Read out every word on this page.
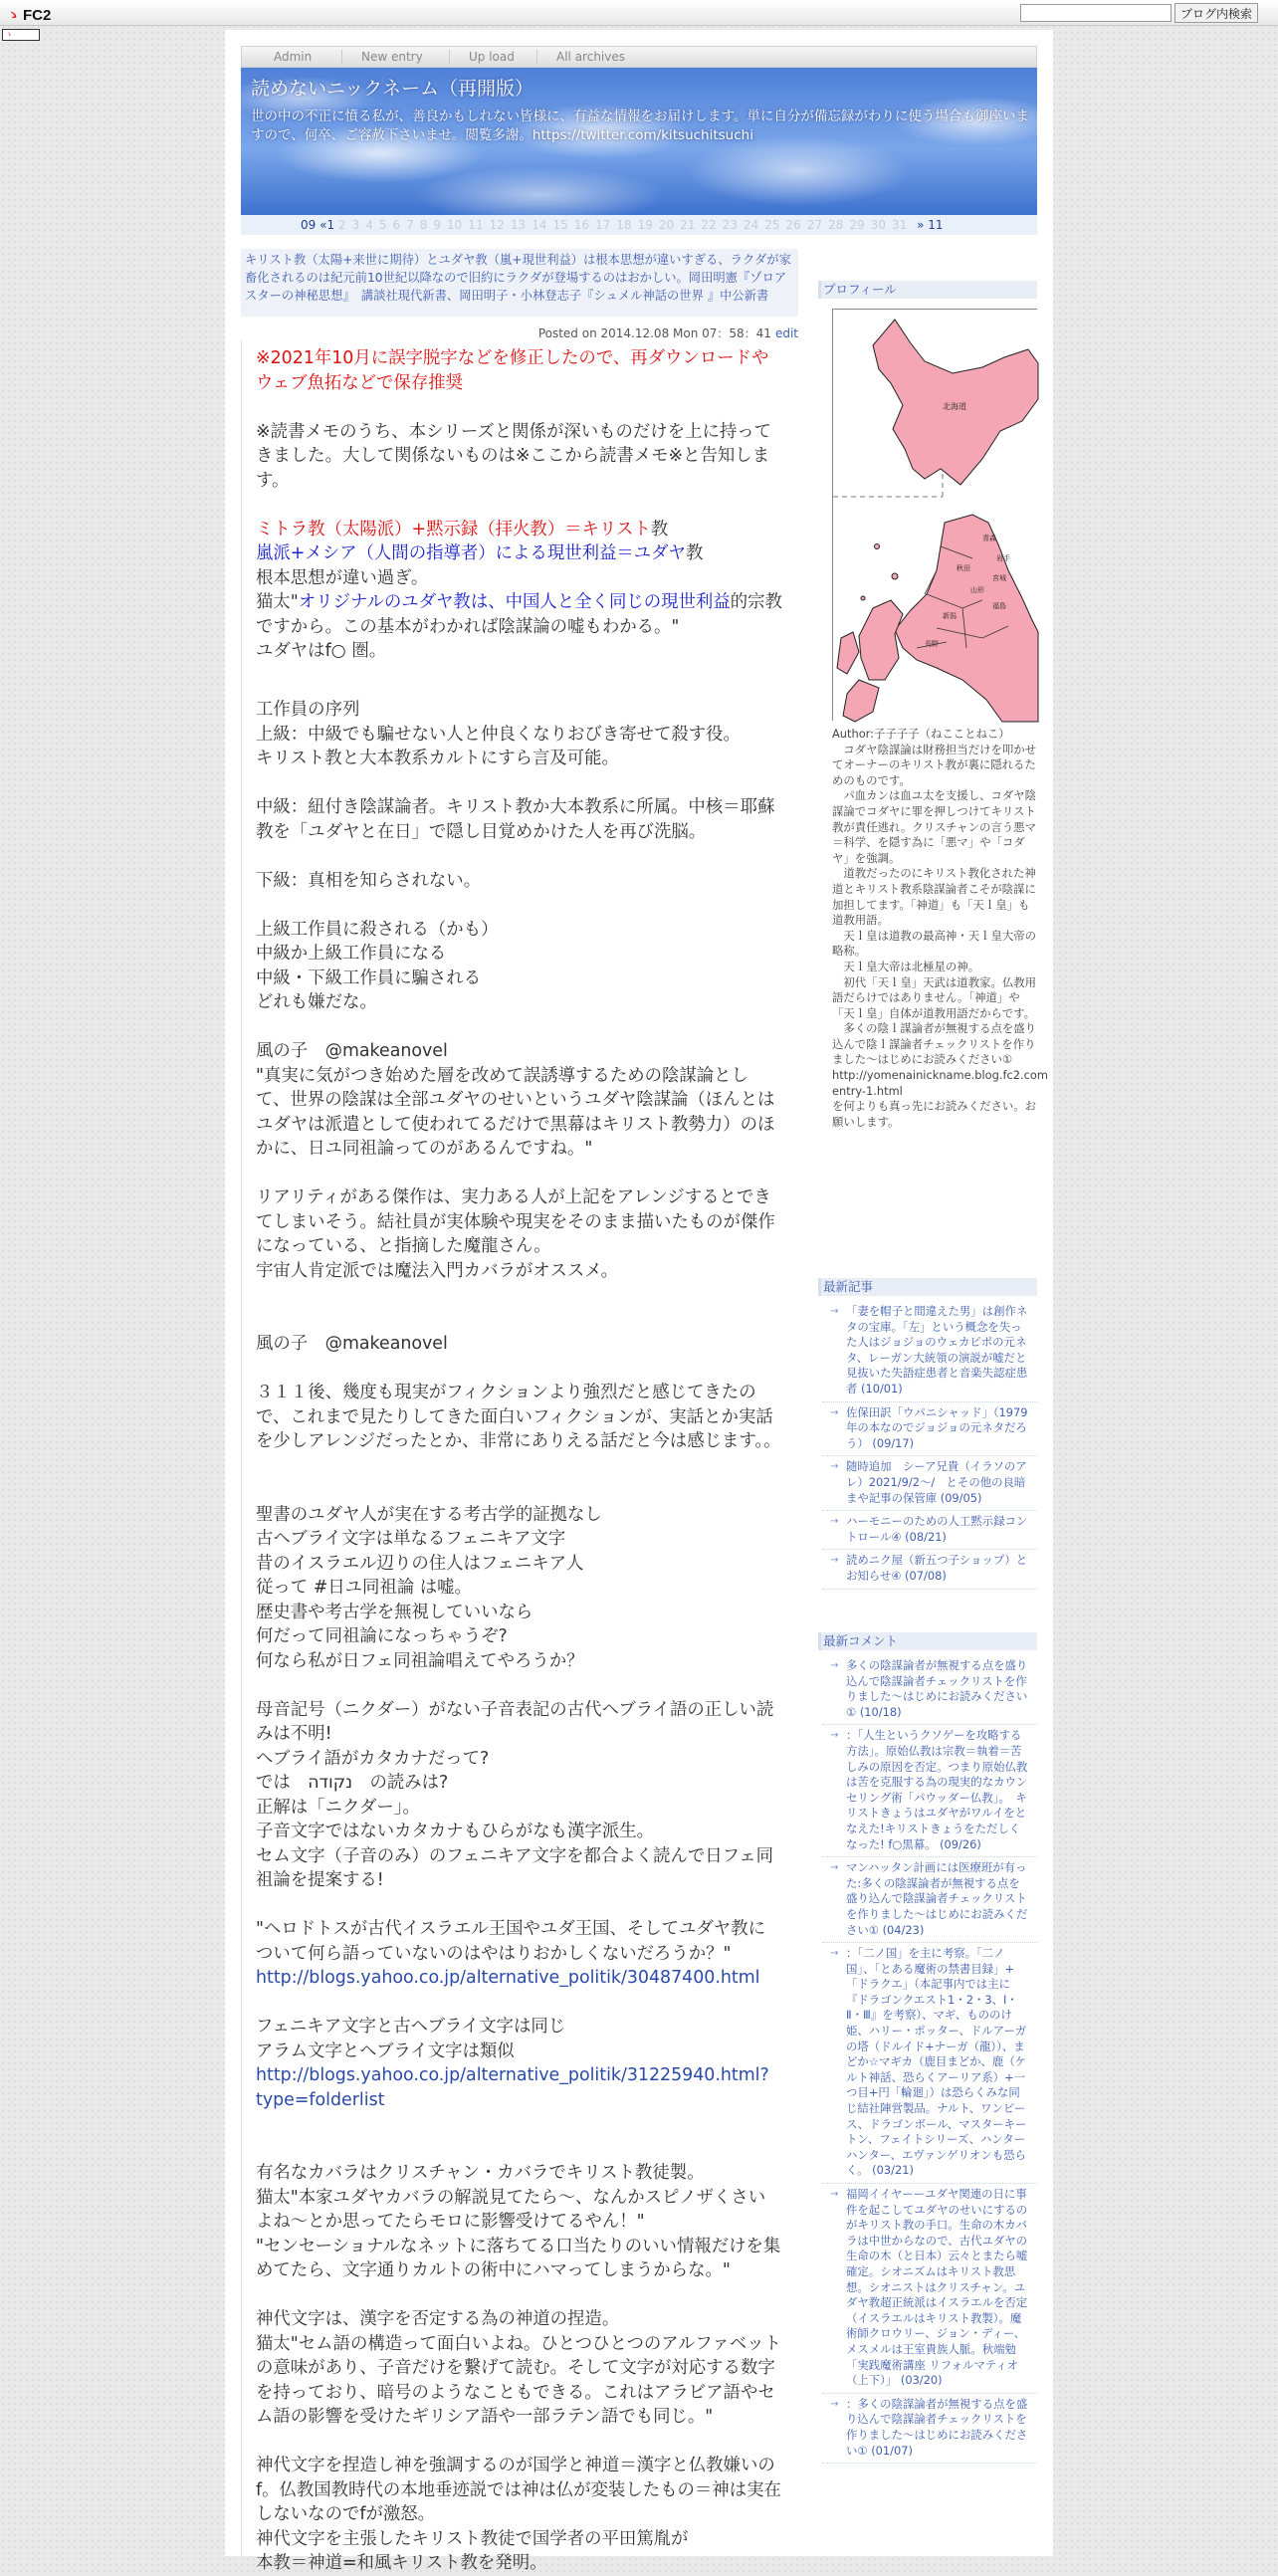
ゝ FC2	ブログ内検索
ゝ
Admin	New entry	Up load	All archives
読めないニックネーム（再開版）
世の中の不正に憤る私が、善良かもしれない皆様に、有益な情報をお届けします。単に自分が備忘録がわりに使う場合も御座いますので、何卒、ご容赦下さいませ。閲覧多謝。https://twitter.com/kitsuchitsuchi
09 «1 2 3 4 5 6 7 8 9 10 11 12 13 14 15 16 17 18 19 20 21 22 23 24 25 26 27 28 29 30 31 » 11
キリスト教（太陽+来世に期待）とユダヤ教（嵐+現世利益）は根本思想が違いすぎる、ラクダが家畜化されるのは紀元前10世紀以降なので旧約にラクダが登場するのはおかしい。岡田明憲『ゾロアスターの神秘思想』　講談社現代新書、岡田明子・小林登志子『シュメル神話の世界 』中公新書
Posted on 2014.12.08 Mon 07：58：41 edit

※2021年10月に誤字脱字などを修正したので、再ダウンロードやウェブ魚拓などで保存推奨

※読書メモのうち、本シリーズと関係が深いものだけを上に持ってきました。大して関係ないものは※ここから読書メモ※と告知します。

ミトラ教（太陽派）+黙示録（拝火教）＝キリスト教
嵐派+メシア（人間の指導者）による現世利益＝ユダヤ教
根本思想が違い過ぎ。
猫太"オリジナルのユダヤ教は、中国人と全く同じの現世利益的宗教ですから。この基本がわかれば陰謀論の嘘もわかる。"
ユダヤはf○ 圏。

工作員の序列
上級：中級でも騙せない人と仲良くなりおびき寄せて殺す役。
キリスト教と大本教系カルトにすら言及可能。

中級：紐付き陰謀論者。キリスト教か大本教系に所属。中核＝耶蘇教を「ユダヤと在日」で隠し目覚めかけた人を再び洗脳。

下級：真相を知らされない。

上級工作員に殺される（かも）
中級か上級工作員になる
中級・下級工作員に騙される
どれも嫌だな。

風の子　@makeanovel
"真実に気がつき始めた層を改めて誤誘導するための陰謀論として、世界の陰謀は全部ユダヤのせいというユダヤ陰謀論（ほんとはユダヤは派遣として使われてるだけで黒幕はキリスト教勢力）のほかに、日ユ同祖論ってのがあるんですね。"

リアリティがある傑作は、実力ある人が上記をアレンジするとできてしまいそう。結社員が実体験や現実をそのまま描いたものが傑作になっている、と指摘した魔龍さん。
宇宙人肯定派では魔法入門カバラがオススメ。

風の子　@makeanovel

３１１後、幾度も現実がフィクションより強烈だと感じてきたので、これまで見たりしてきた面白いフィクションが、実話とか実話を少しアレンジだったとか、非常にありえる話だと今は感じます。。

聖書のユダヤ人が実在する考古学的証拠なし
古ヘブライ文字は単なるフェニキア文字
昔のイスラエル辺りの住人はフェニキア人
従って #日ユ同祖論 は嘘。
歴史書や考古学を無視していいなら
何だって同祖論になっちゃうぞ?
何なら私が日フェ同祖論唱えてやろうか？

母音記号（ニクダー）がない子音表記の古代ヘブライ語の正しい読みは不明!
ヘブライ語がカタカナだって?
では　נקודה　の読みは?
正解は「ニクダー」。
子音文字ではないカタカナもひらがなも漢字派生。
セム文字（子音のみ）のフェニキア文字を都合よく読んで日フェ同祖論を提案する!

"ヘロドトスが古代イスラエル王国やユダ王国、そしてユダヤ教について何ら語っていないのはやはりおかしくないだろうか？"
http://blogs.yahoo.co.jp/alternative_politik/30487400.html

フェニキア文字と古ヘブライ文字は同じ
アラム文字とヘブライ文字は類似
http://blogs.yahoo.co.jp/alternative_politik/31225940.html?type=folderlist

有名なカバラはクリスチャン・カバラでキリスト教徒製。
猫太"本家ユダヤカバラの解説見てたら〜、なんかスピノザくさいよね〜とか思ってたらモロに影響受けてるやん！"
"センセーショナルなネットに落ちてる口当たりのいい情報だけを集めてたら、文字通りカルトの術中にハマってしまうからな。"

神代文字は、漢字を否定する為の神道の捏造。
猫太"セム語の構造って面白いよね。ひとつひとつのアルファベットの意味があり、子音だけを繋げて読む。そして文字が対応する数字を持っており、暗号のようなこともできる。これはアラビア語やセム語の影響を受けたギリシア語や一部ラテン語でも同じ。"

神代文字を捏造し神を強調するのが国学と神道＝漢字と仏教嫌いのf。仏教国教時代の本地垂迹説では神は仏が変装したもの＝神は実在しないなのでfが激怒。
神代文字を主張したキリスト教徒で国学者の平田篤胤が
本教＝神道=和風キリスト教を発明。

プロフィール
北海道
青森
秋田
宮城
岩手
山形
福島
新潟
長野
Author:子子子子（ねこことねこ）
　コダヤ陰謀論は財務担当だけを叩かせてオーナーのキリスト教が裏に隠れるためのものです。
　パ血カンは血ユ太を支援し、コダヤ陰謀論でコダヤに罪を押しつけてキリスト教が責任逃れ。クリスチャンの言う悪マ＝科学、を隠す為に「悪マ」や「コダヤ」を強調。
　道教だったのにキリスト教化された神道とキリスト教系陰謀論者こそが陰謀に加担してます。「神道」も「天ｌ皇」も道教用語。
　天ｌ皇は道教の最高神・天ｌ皇大帝の略称。
　天ｌ皇大帝は北極星の神。
　初代「天ｌ皇」天武は道教家。仏教用語だらけではありません。「神道」や「天ｌ皇」自体が道教用語だからです。
　多くの陰ｌ謀論者が無視する点を盛り込んで陰ｌ謀論者チェックリストを作りました〜はじめにお読みください①
http://yomenainickname.blog.fc2.com
entry-1.html
を何よりも真っ先にお読みください。お願いします。
最新記事
→ 「妻を帽子と間違えた男」は創作ネタの宝庫。「左」という概念を失った人はジョジョのウェカピポの元ネタ、レーガン大統領の演説が嘘だと見抜いた失語症患者と音楽失認症患者 (10/01)
→ 佐保田訳「ウパニシャッド」（1979年の本なのでジョジョの元ネタだろう） (09/17)
→ 随時追加　シーア兄貴（イラソのアレ）2021/9/2〜/　とその他の良暗まや記事の保管庫 (09/05)
→ ハーモニーのための人工黙示録コントロール④ (08/21)
→ 読めニク屋（新五つ子ショップ）とお知らせ④ (07/08)
最新コメント
→ 多くの陰謀論者が無視する点を盛り込んで陰謀論者チェックリストを作りました〜はじめにお読みください① (10/18)
→ ：「人生というクソゲーを攻略する方法」。原始仏教は宗教＝執着＝苦しみの原因を否定。つまり原始仏教は苦を克服する為の現実的なカウンセリング術「パウッダー仏教」。　キリストきょうはユダヤがワルイをとなえた!キリストきょうをただしくなった! f○黒幕。 (09/26)
→ マンハッタン計画には医療班が有った:多くの陰謀論者が無視する点を盛り込んで陰謀論者チェックリストを作りました〜はじめにお読みください① (04/23)
→ ：「二ノ国」を主に考察。「二ノ国」、「とある魔術の禁書目録」+「ドラクエ」（本記事内では主に『ドラゴンクエスト1・2・3、Ⅰ・Ⅱ・Ⅲ』を考察）、マギ、もののけ姫、ハリー・ポッター、ドルアーガの塔（ドルイド+ナーガ（龍））、まどか☆マギカ（鹿目まどか、鹿（ケルト神話、恐らくアーリア系）+一つ目+円「輪廻」）は恐らくみな同じ結社陣営製品。ナルト、ワンピース、ドラゴンボール、マスターキートン、フェイトシリーズ、ハンターハンター、エヴァンゲリオンも恐らく。 (03/21)
→ 福岡イイヤーーユダヤ関連の日に事件を起こしてユダヤのせいにするのがキリスト教の手口。生命の木カバラは中世からなので、古代ユダヤの生命の木（と日本）云々とまたら嘘確定。シオニズムはキリスト教思想。シオニストはクリスチャン。ユダヤ教超正統派はイスラエルを否定（イスラエルはキリスト教製）。魔術師クロウリー、ジョン・ディー、メスメルは王室貴族人脈。秋端勉「実践魔術講座 リフォルマティオ（上下）」 (03/20)
→ ：多くの陰謀論者が無視する点を盛り込んで陰謀論者チェックリストを作りました〜はじめにお読みください① (01/07)
